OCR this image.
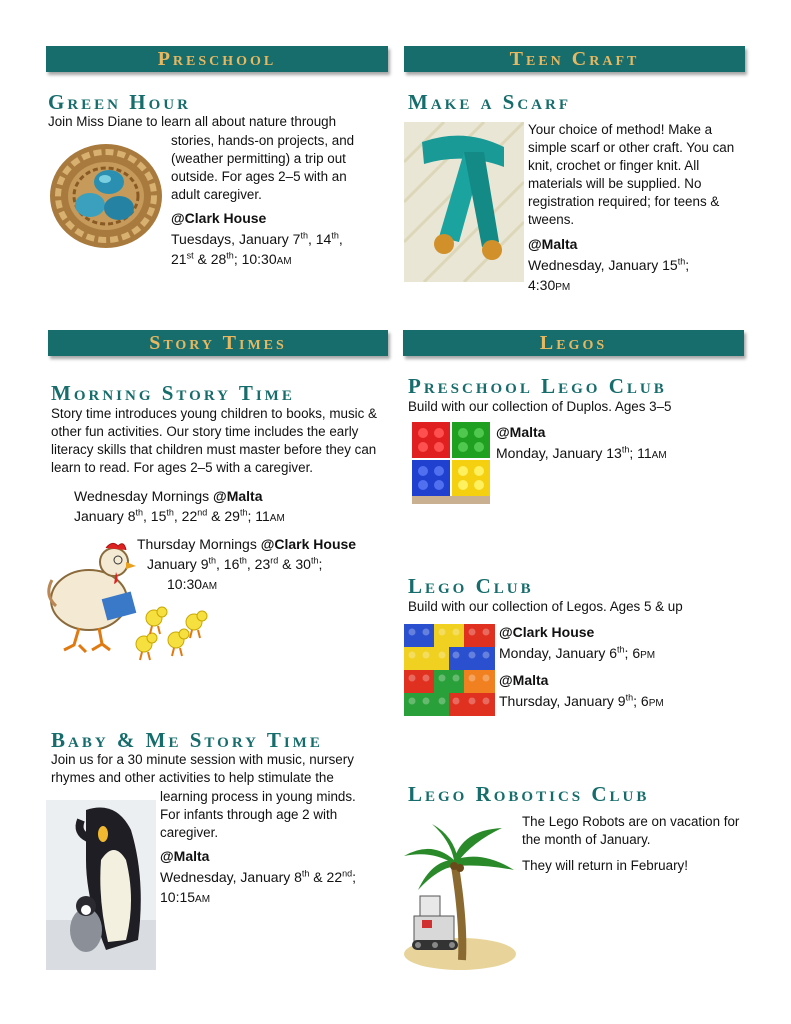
Preschool
Green Hour
Join Miss Diane to learn all about nature through
stories, hands-on projects, and (weather permitting) a trip out outside. For ages 2–5 with an adult caregiver.
@Clark House
Tuesdays, January 7th, 14th,
21st & 28th; 10:30am
Teen Craft
Make a Scarf
Your choice of method! Make a simple scarf or other craft. You can knit, crochet or finger knit. All materials will be supplied. No registration required; for teens & tweens.
@Malta
Wednesday, January 15th;
4:30pm
Story Times
Morning Story Time
Story time introduces young children to books, music & other fun activities. Our story time includes the early literacy skills that children must master before they can learn to read. For ages 2–5 with a caregiver.
Wednesday Mornings @Malta
January 8th, 15th, 22nd & 29th; 11am
Thursday Mornings @Clark House
January 9th, 16th, 23rd & 30th;
10:30am
Baby & Me Story Time
Join us for a 30 minute session with music, nursery rhymes and other activities to help stimulate the
learning process in young minds. For infants through age 2 with caregiver.
@Malta
Wednesday, January 8th & 22nd;
10:15am
Legos
Preschool Lego Club
Build with our collection of Duplos. Ages 3–5
@Malta
Monday, January 13th; 11am
Lego Club
Build with our collection of Legos. Ages 5 & up
@Clark House
Monday, January 6th; 6pm
@Malta
Thursday, January 9th; 6pm
Lego Robotics Club
The Lego Robots are on vacation for the month of January.
They will return in February!
